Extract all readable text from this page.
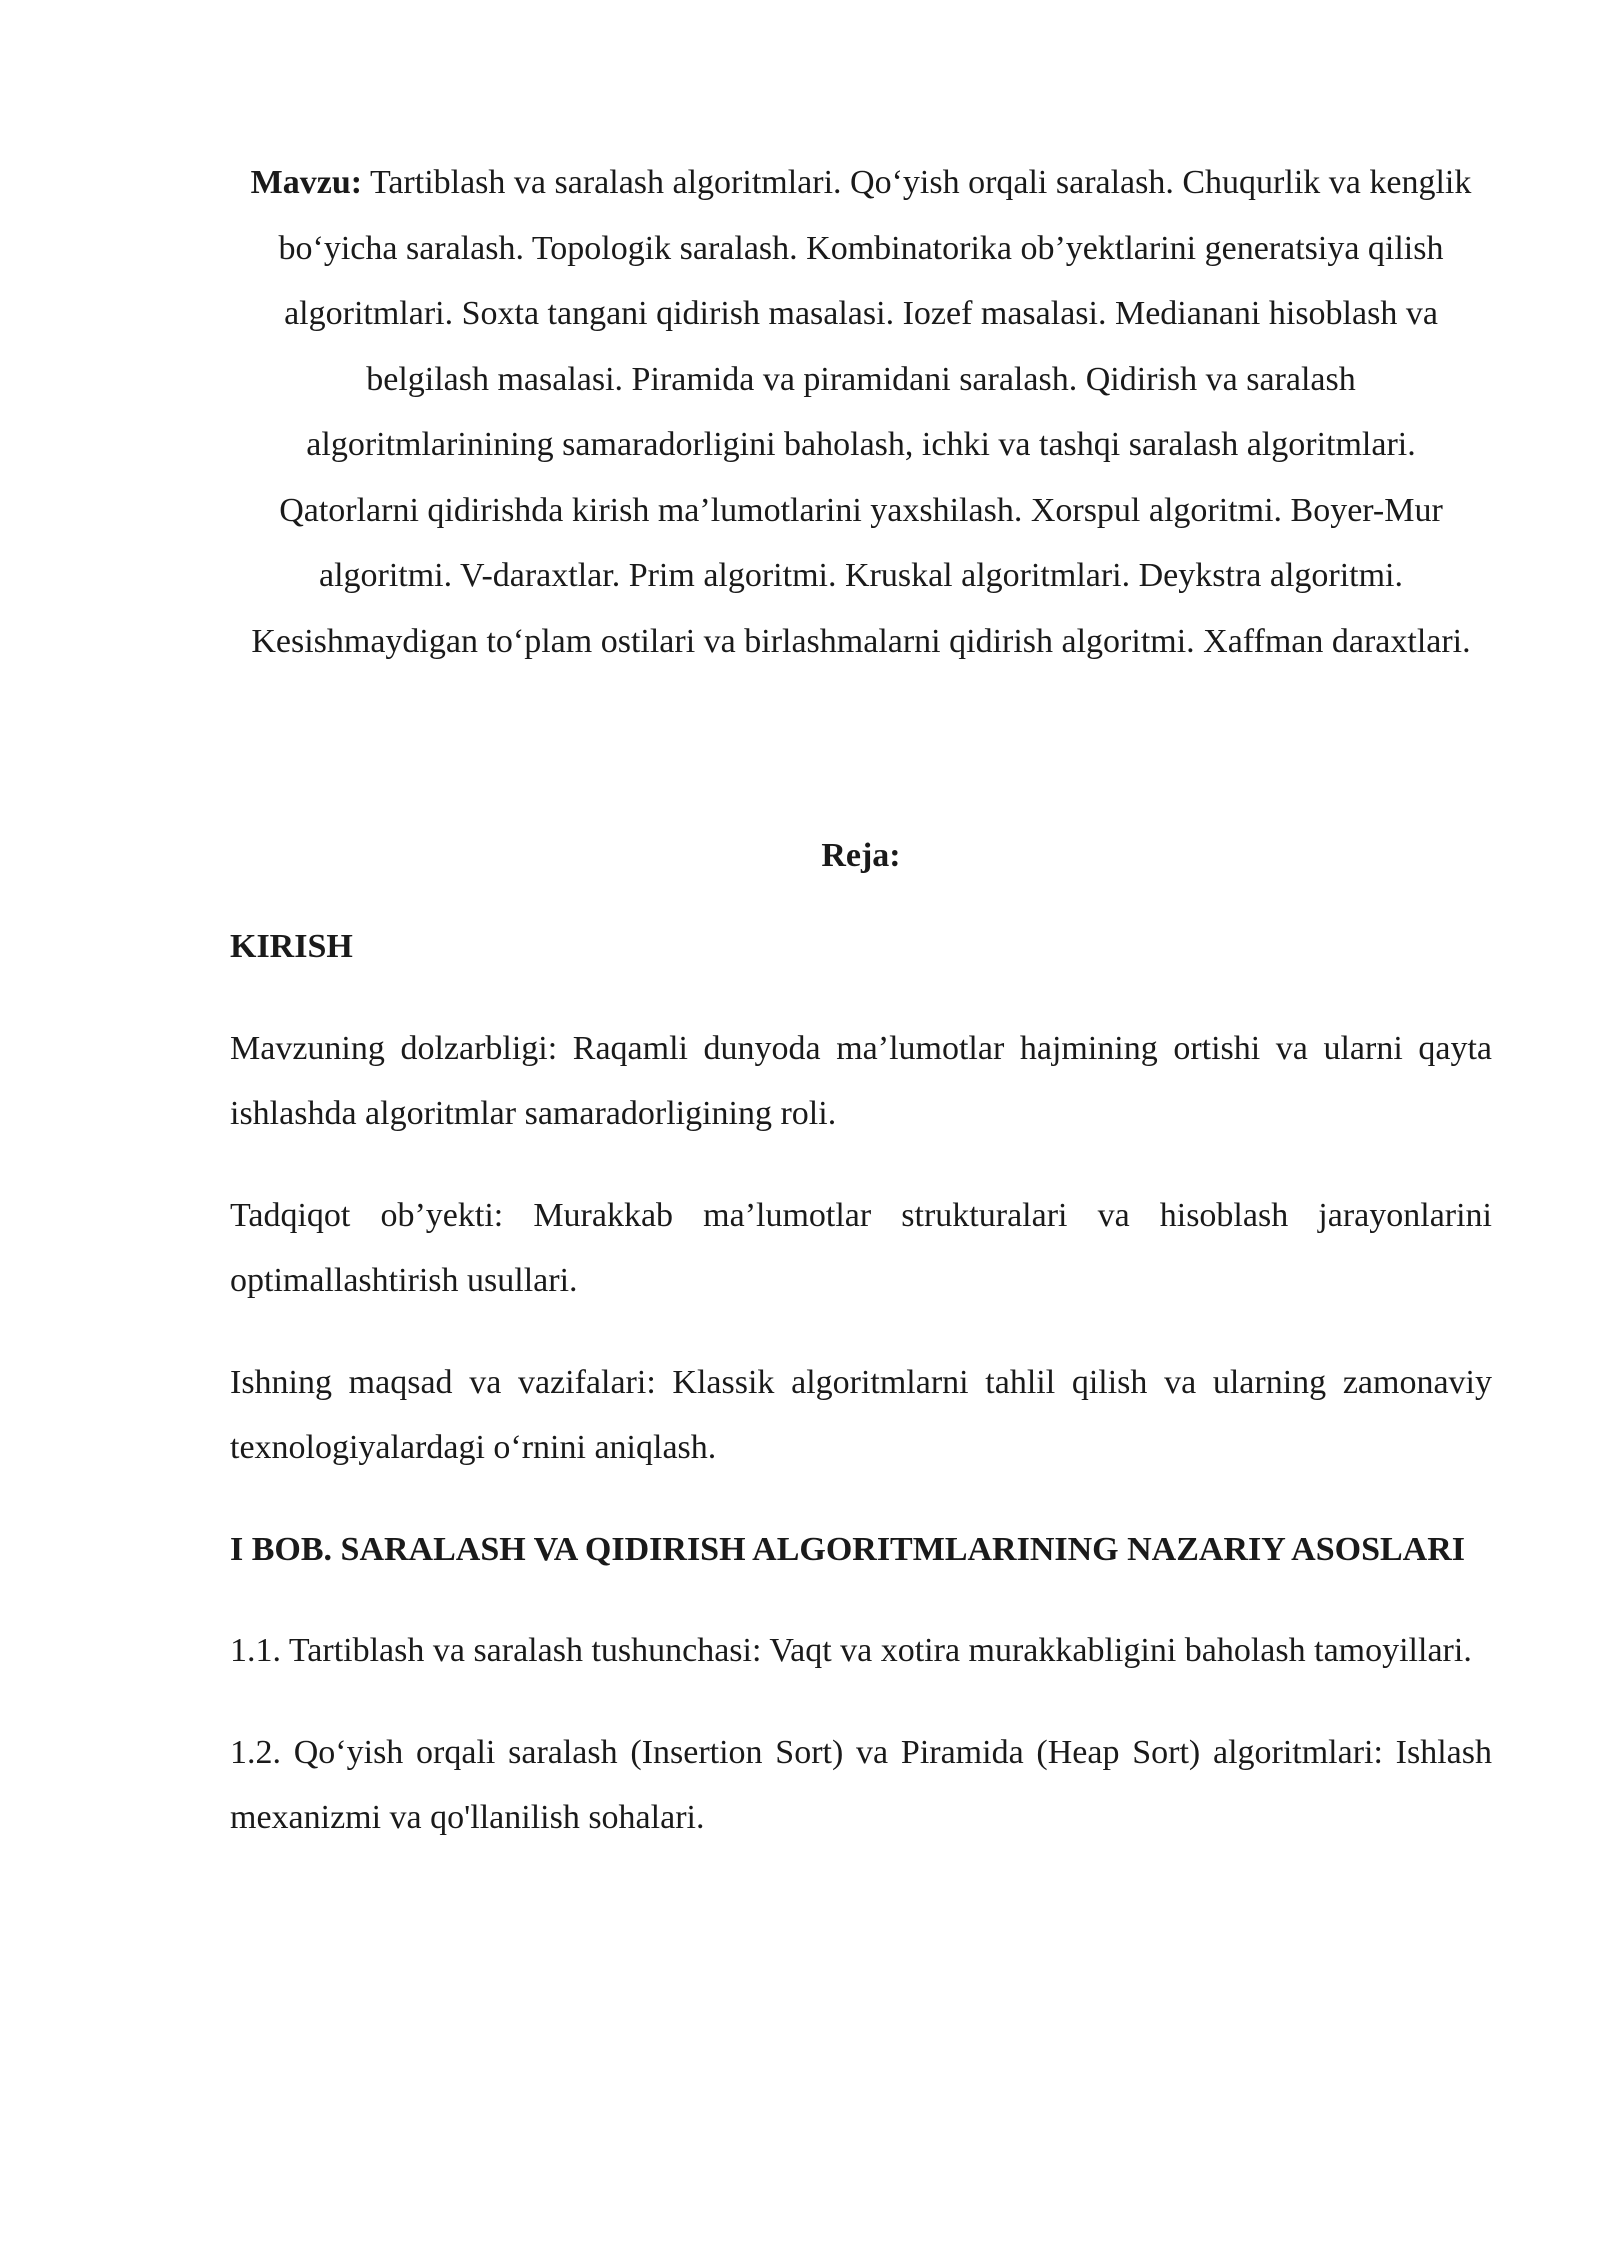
Mavzu: Tartiblash va saralash algoritmlari. Qo‘yish orqali saralash. Chuqurlik va kenglik bo‘yicha saralash. Topologik saralash. Kombinatorika ob’yektlarini generatsiya qilish algoritmlari. Soxta tangani qidirish masalasi. Iozef masalasi. Medianani hisoblash va belgilash masalasi. Piramida va piramidani saralash. Qidirish va saralash algoritmlarinining samaradorligini baholash, ichki va tashqi saralash algoritmlari. Qatorlarni qidirishda kirish ma’lumotlarini yaxshilash. Xorspul algoritmi. Boyer-Mur algoritmi. V-daraxtlar. Prim algoritmi. Kruskal algoritmlari. Deykstra algoritmi. Kesishmaydigan to‘plam ostilari va birlashmalarni qidirish algoritmi. Xaffman daraxtlari.

Reja:
KIRISH
Mavzuning dolzarbligi: Raqamli dunyoda ma’lumotlar hajmining ortishi va ularni qayta ishlashda algoritmlar samaradorligining roli.
Tadqiqot ob’yekti: Murakkab ma’lumotlar strukturalari va hisoblash jarayonlarini optimallashtirish usullari.
Ishning maqsad va vazifalari: Klassik algoritmlarni tahlil qilish va ularning zamonaviy texnologiyalardagi o‘rnini aniqlash.
I BOB. SARALASH VA QIDIRISH ALGORITMLARINING NAZARIY ASOSLARI
1.1. Tartiblash va saralash tushunchasi: Vaqt va xotira murakkabligini baholash tamoyillari.
1.2. Qo‘yish orqali saralash (Insertion Sort) va Piramida (Heap Sort) algoritmlari: Ishlash mexanizmi va qo'llanilish sohalari.
